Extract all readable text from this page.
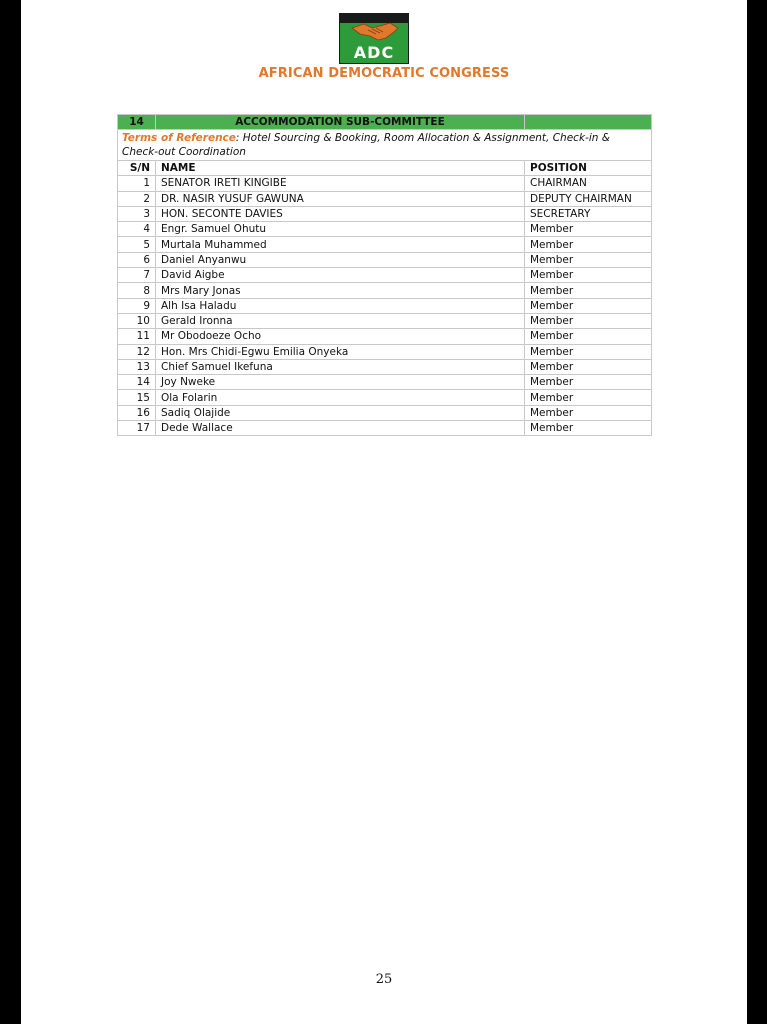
ADC
AFRICAN DEMOCRATIC CONGRESS
14	ACCOMMODATION SUB-COMMITTEE	
Terms of Reference: Hotel Sourcing & Booking, Room Allocation & Assignment, Check-in & Check-out Coordination		
S/N	NAME	POSITION
1	SENATOR IRETI KINGIBE	CHAIRMAN
2	DR. NASIR YUSUF GAWUNA	DEPUTY CHAIRMAN
3	HON. SECONTE DAVIES	SECRETARY
4	Engr. Samuel Ohutu	Member
5	Murtala Muhammed	Member
6	Daniel Anyanwu	Member
7	David Aigbe	Member
8	Mrs Mary Jonas	Member
9	Alh Isa Haladu	Member
10	Gerald Ironna	Member
11	Mr Obodoeze Ocho	Member
12	Hon. Mrs Chidi-Egwu Emilia Onyeka	Member
13	Chief Samuel Ikefuna	Member
14	Joy Nweke	Member
15	Ola Folarin	Member
16	Sadiq Olajide	Member
17	Dede Wallace	Member
25
